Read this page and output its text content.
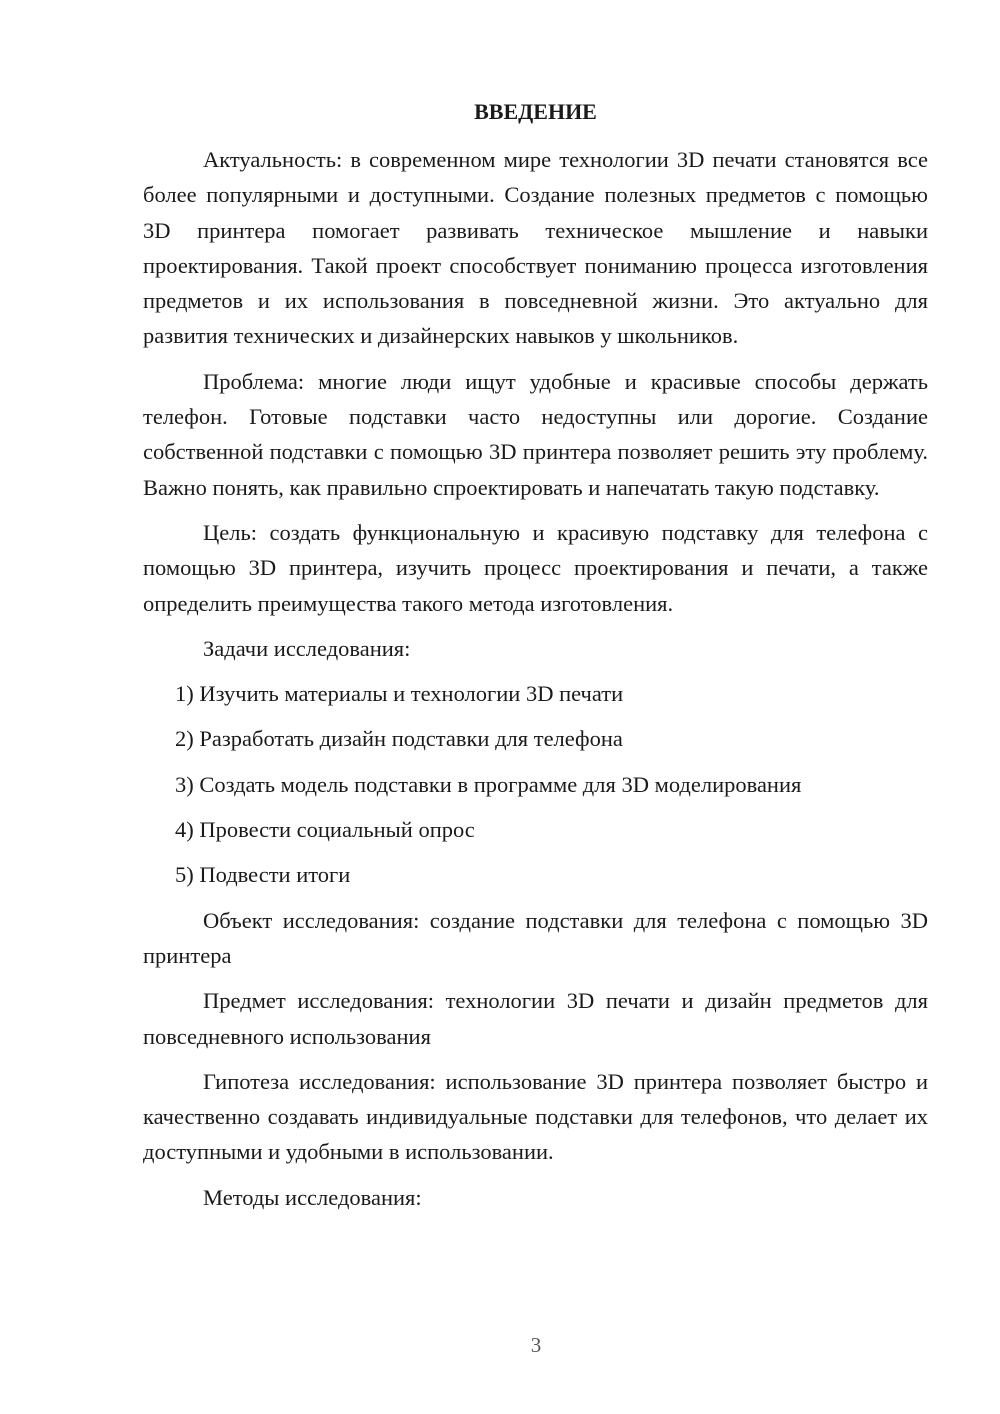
ВВЕДЕНИЕ

Актуальность: в современном мире технологии 3D печати становятся все более популярными и доступными. Создание полезных предметов с помощью 3D принтера помогает развивать техническое мышление и навыки проектирования. Такой проект способствует пониманию процесса изготовления предметов и их использования в повседневной жизни. Это актуально для развития технических и дизайнерских навыков у школьников.

Проблема: многие люди ищут удобные и красивые способы держать телефон. Готовые подставки часто недоступны или дорогие. Создание собственной подставки с помощью 3D принтера позволяет решить эту проблему. Важно понять, как правильно спроектировать и напечатать такую подставку.

Цель: создать функциональную и красивую подставку для телефона с помощью 3D принтера, изучить процесс проектирования и печати, а также определить преимущества такого метода изготовления.

Задачи исследования:

1) Изучить материалы и технологии 3D печати
2) Разработать дизайн подставки для телефона
3) Создать модель подставки в программе для 3D моделирования
4) Провести социальный опрос
5) Подвести итоги

Объект исследования: создание подставки для телефона с помощью 3D принтера

Предмет исследования: технологии 3D печати и дизайн предметов для повседневного использования

Гипотеза исследования: использование 3D принтера позволяет быстро и качественно создавать индивидуальные подставки для телефонов, что делает их доступными и удобными в использовании.

Методы исследования:

3
